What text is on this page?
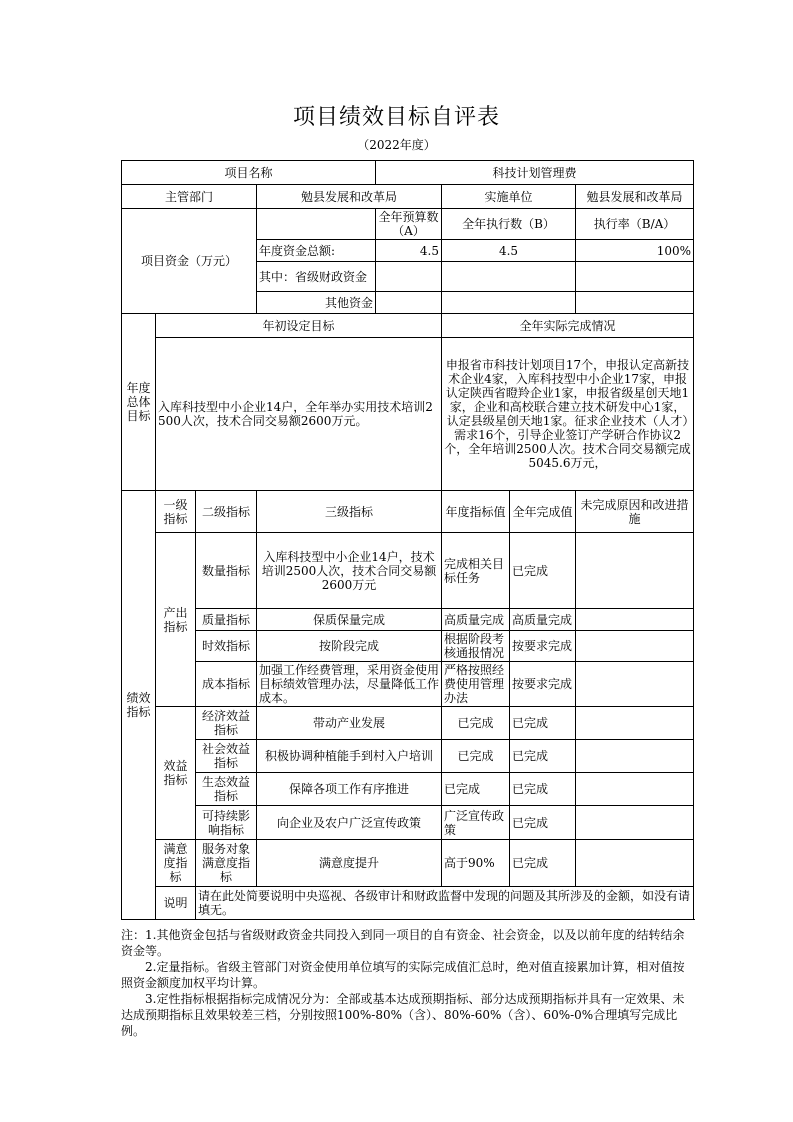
项目绩效目标自评表
（2022年度）
项目名称				科技计划管理费			
主管部门			勉县发展和改革局		实施单位		勉县发展和改革局
项目资金（万元）				全年预算数（A）	全年执行数（B）		执行率（B/A）
			年度资金总额:	4.5	4.5		100%
			其中：省级财政资金				
			其他资金				
年度总体目标	年初设定目标				全年实际完成情况		
	入库科技型中小企业14户，全年举办实用技术培训2500人次，技术合同交易额2600万元。				申报省市科技计划项目17个，申报认定高新技术企业4家，入库科技型中小企业17家，申报认定陕西省瞪羚企业1家，申报省级星创天地1家，企业和高校联合建立技术研发中心1家，认定县级星创天地1家。征求企业技术（人才）需求16个，引导企业签订产学研合作协议2个，全年培训2500人次。技术合同交易额完成5045.6万元，		
绩效指标	一级指标	二级指标	三级指标		年度指标值	全年完成值	未完成原因和改进措施
	产出指标	数量指标	入库科技型中小企业14户，技术培训2500人次，技术合同交易额2600万元		完成相关目标任务	已完成	
		质量指标	保质保量完成		高质量完成	高质量完成	
		时效指标	按阶段完成		根据阶段考核通报情况	按要求完成	
		成本指标	加强工作经费管理，采用资金使用目标绩效管理办法，尽量降低工作成本。		严格按照经费使用管理办法	按要求完成	
	效益指标	经济效益指标	带动产业发展		已完成	已完成	
		社会效益指标	积极协调种植能手到村入户培训		已完成	已完成	
		生态效益指标	保障各项工作有序推进		已完成	已完成	
		可持续影响指标	向企业及农户广泛宣传政策		广泛宣传政策	已完成	
	满意度指标	服务对象满意度指标	满意度提升		高于90%	已完成	
	说明	请在此处简要说明中央巡视、各级审计和财政监督中发现的问题及其所涉及的金额，如没有请填无。					

注：1.其他资金包括与省级财政资金共同投入到同一项目的自有资金、社会资金，以及以前年度的结转结余资金等。

2.定量指标。省级主管部门对资金使用单位填写的实际完成值汇总时，绝对值直接累加计算，相对值按照资金额度加权平均计算。

3.定性指标根据指标完成情况分为：全部或基本达成预期指标、部分达成预期指标并具有一定效果、未达成预期指标且效果较差三档，分别按照100%-80%（含）、80%-60%（含）、60%-0%合理填写完成比例。
